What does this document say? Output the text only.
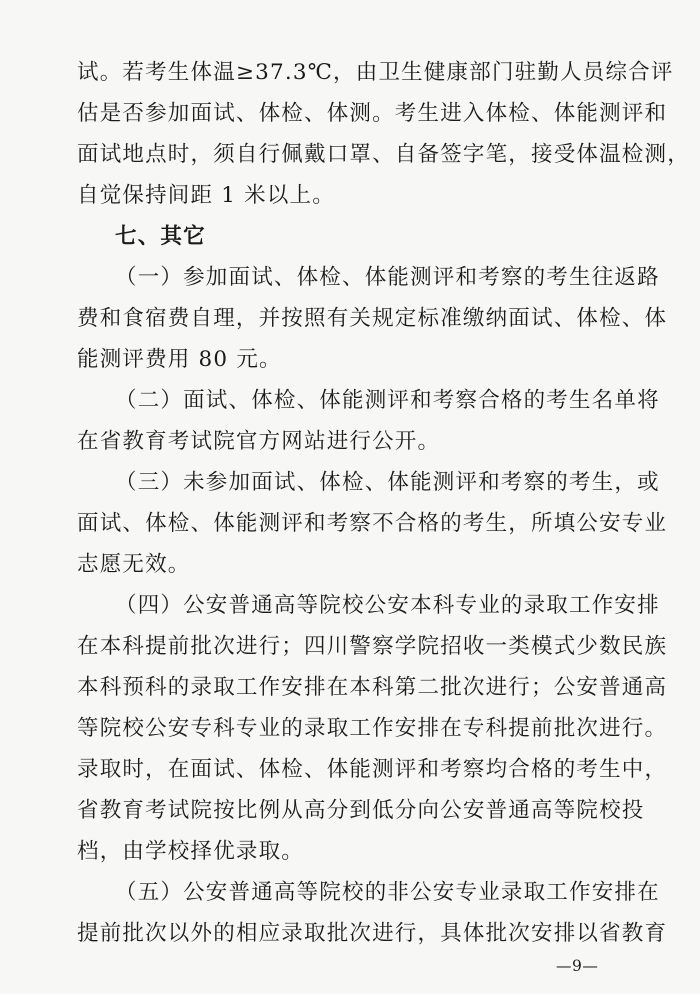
试。若考生体温≥37.3℃，由卫生健康部门驻勤人员综合评
估是否参加面试、体检、体测。考生进入体检、体能测评和
面试地点时，须自行佩戴口罩、自备签字笔，接受体温检测，
自觉保持间距 1 米以上。

七、其它

（一）参加面试、体检、体能测评和考察的考生往返路
费和食宿费自理，并按照有关规定标准缴纳面试、体检、体
能测评费用 80 元。

（二）面试、体检、体能测评和考察合格的考生名单将
在省教育考试院官方网站进行公开。

（三）未参加面试、体检、体能测评和考察的考生，或
面试、体检、体能测评和考察不合格的考生，所填公安专业
志愿无效。

（四）公安普通高等院校公安本科专业的录取工作安排
在本科提前批次进行；四川警察学院招收一类模式少数民族
本科预科的录取工作安排在本科第二批次进行；公安普通高
等院校公安专科专业的录取工作安排在专科提前批次进行。
录取时，在面试、体检、体能测评和考察均合格的考生中，
省教育考试院按比例从高分到低分向公安普通高等院校投
档，由学校择优录取。

（五）公安普通高等院校的非公安专业录取工作安排在
提前批次以外的相应录取批次进行，具体批次安排以省教育

—9—
